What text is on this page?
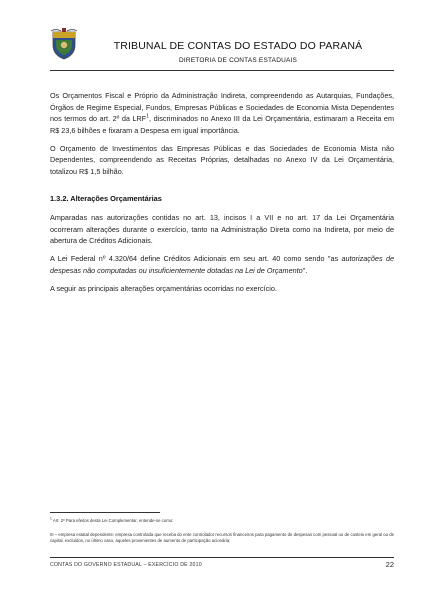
TRIBUNAL DE CONTAS DO ESTADO DO PARANÁ
DIRETORIA DE CONTAS ESTADUAIS

Os Orçamentos Fiscal e Próprio da Administração Indireta, compreendendo as Autarquias, Fundações, Órgãos de Regime Especial, Fundos, Empresas Públicas e Sociedades de Economia Mista Dependentes nos termos do art. 2º da LRF$^1$, discriminados no Anexo III da Lei Orçamentária, estimaram a Receita em R$ 23,6 bilhões e fixaram a Despesa em igual importância.

O Orçamento de Investimentos das Empresas Públicas e das Sociedades de Economia Mista não Dependentes, compreendendo as Receitas Próprias, detalhadas no Anexo IV da Lei Orçamentária, totalizou R$ 1,5 bilhão.

1.3.2. Alterações Orçamentárias

Amparadas nas autorizações contidas no art. 13, incisos I a VII e no art. 17 da Lei Orçamentária ocorreram alterações durante o exercício, tanto na Administração Direta como na Indireta, por meio de abertura de Créditos Adicionais.

A Lei Federal nº 4.320/64 define Créditos Adicionais em seu art. 40 como sendo "as autorizações de despesas não computadas ou insuficientemente dotadas na Lei de Orçamento".

A seguir as principais alterações orçamentárias ocorridas no exercício.

$^1$ Art. 2º Para efeitos desta Lei Complementar, entende-se como:
III – empresa estatal dependente: empresa controlada que receba do ente controlador recursos financeiros para pagamento de despesas com pessoal ou de custeio em geral ou de capital, excluídos, no último caso, aqueles provenientes de aumento de participação acionária;
CONTAS DO GOVERNO ESTADUAL – EXERCÍCIO DE 2010	22
